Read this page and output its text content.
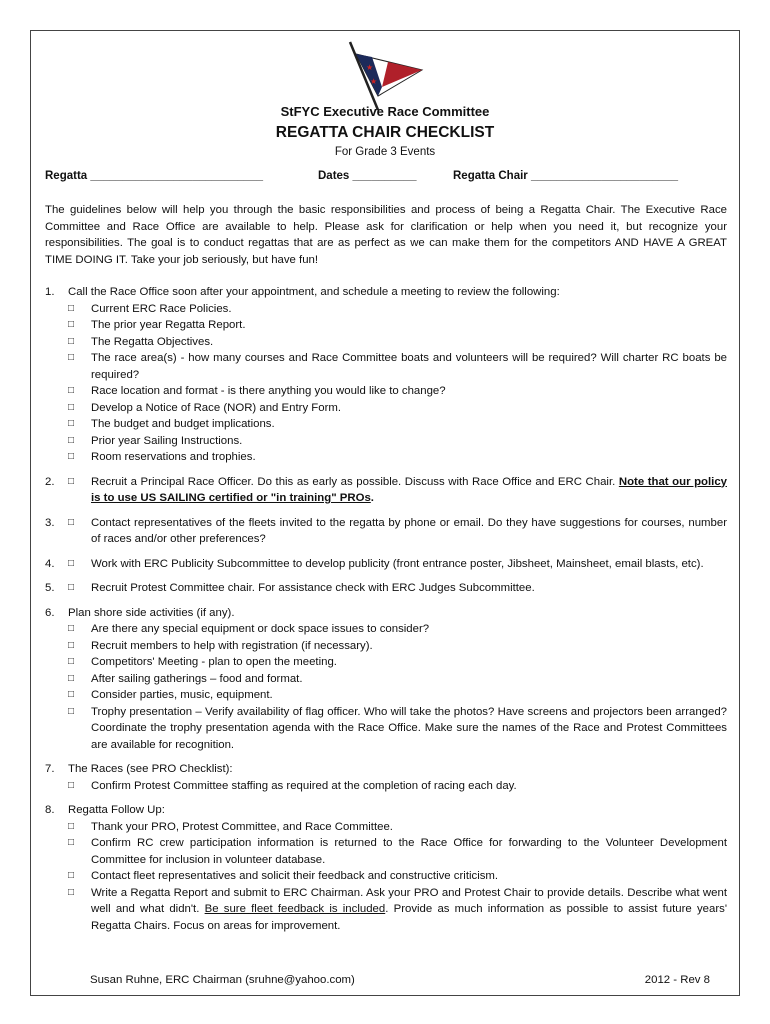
★
★
StFYC Executive Race Committee
REGATTA CHAIR CHECKLIST
For Grade 3 Events
Regatta ___________________________	Dates __________	Regatta Chair _______________________
The guidelines below will help you through the basic responsibilities and process of being a Regatta Chair. The Executive Race Committee and Race Office are available to help. Please ask for clarification or help when you need it, but recognize your responsibilities. The goal is to conduct regattas that are as perfect as we can make them for the competitors AND HAVE A GREAT TIME DOING IT. Take your job seriously, but have fun!
1. Call the Race Office soon after your appointment, and schedule a meeting to review the following:
□ Current ERC Race Policies.
□ The prior year Regatta Report.
□ The Regatta Objectives.
□ The race area(s) - how many courses and Race Committee boats and volunteers will be required? Will charter RC boats be required?
□ Race location and format - is there anything you would like to change?
□ Develop a Notice of Race (NOR) and Entry Form.
□ The budget and budget implications.
□ Prior year Sailing Instructions.
□ Room reservations and trophies.
2. □ Recruit a Principal Race Officer. Do this as early as possible. Discuss with Race Office and ERC Chair. Note that our policy is to use US SAILING certified or "in training" PROs.
3. □ Contact representatives of the fleets invited to the regatta by phone or email. Do they have suggestions for courses, number of races and/or other preferences?
4. □ Work with ERC Publicity Subcommittee to develop publicity (front entrance poster, Jibsheet, Mainsheet, email blasts, etc).
5. □ Recruit Protest Committee chair. For assistance check with ERC Judges Subcommittee.
6. Plan shore side activities (if any).
□ Are there any special equipment or dock space issues to consider?
□ Recruit members to help with registration (if necessary).
□ Competitors' Meeting - plan to open the meeting.
□ After sailing gatherings – food and format.
□ Consider parties, music, equipment.
□ Trophy presentation – Verify availability of flag officer. Who will take the photos? Have screens and projectors been arranged? Coordinate the trophy presentation agenda with the Race Office. Make sure the names of the Race and Protest Committees are available for recognition.
7. The Races (see PRO Checklist):
□ Confirm Protest Committee staffing as required at the completion of racing each day.
8. Regatta Follow Up:
□ Thank your PRO, Protest Committee, and Race Committee.
□ Confirm RC crew participation information is returned to the Race Office for forwarding to the Volunteer Development Committee for inclusion in volunteer database.
□ Contact fleet representatives and solicit their feedback and constructive criticism.
□ Write a Regatta Report and submit to ERC Chairman. Ask your PRO and Protest Chair to provide details. Describe what went well and what didn't. Be sure fleet feedback is included. Provide as much information as possible to assist future years' Regatta Chairs. Focus on areas for improvement.
Susan Ruhne, ERC Chairman (sruhne@yahoo.com)	2012 - Rev 8
